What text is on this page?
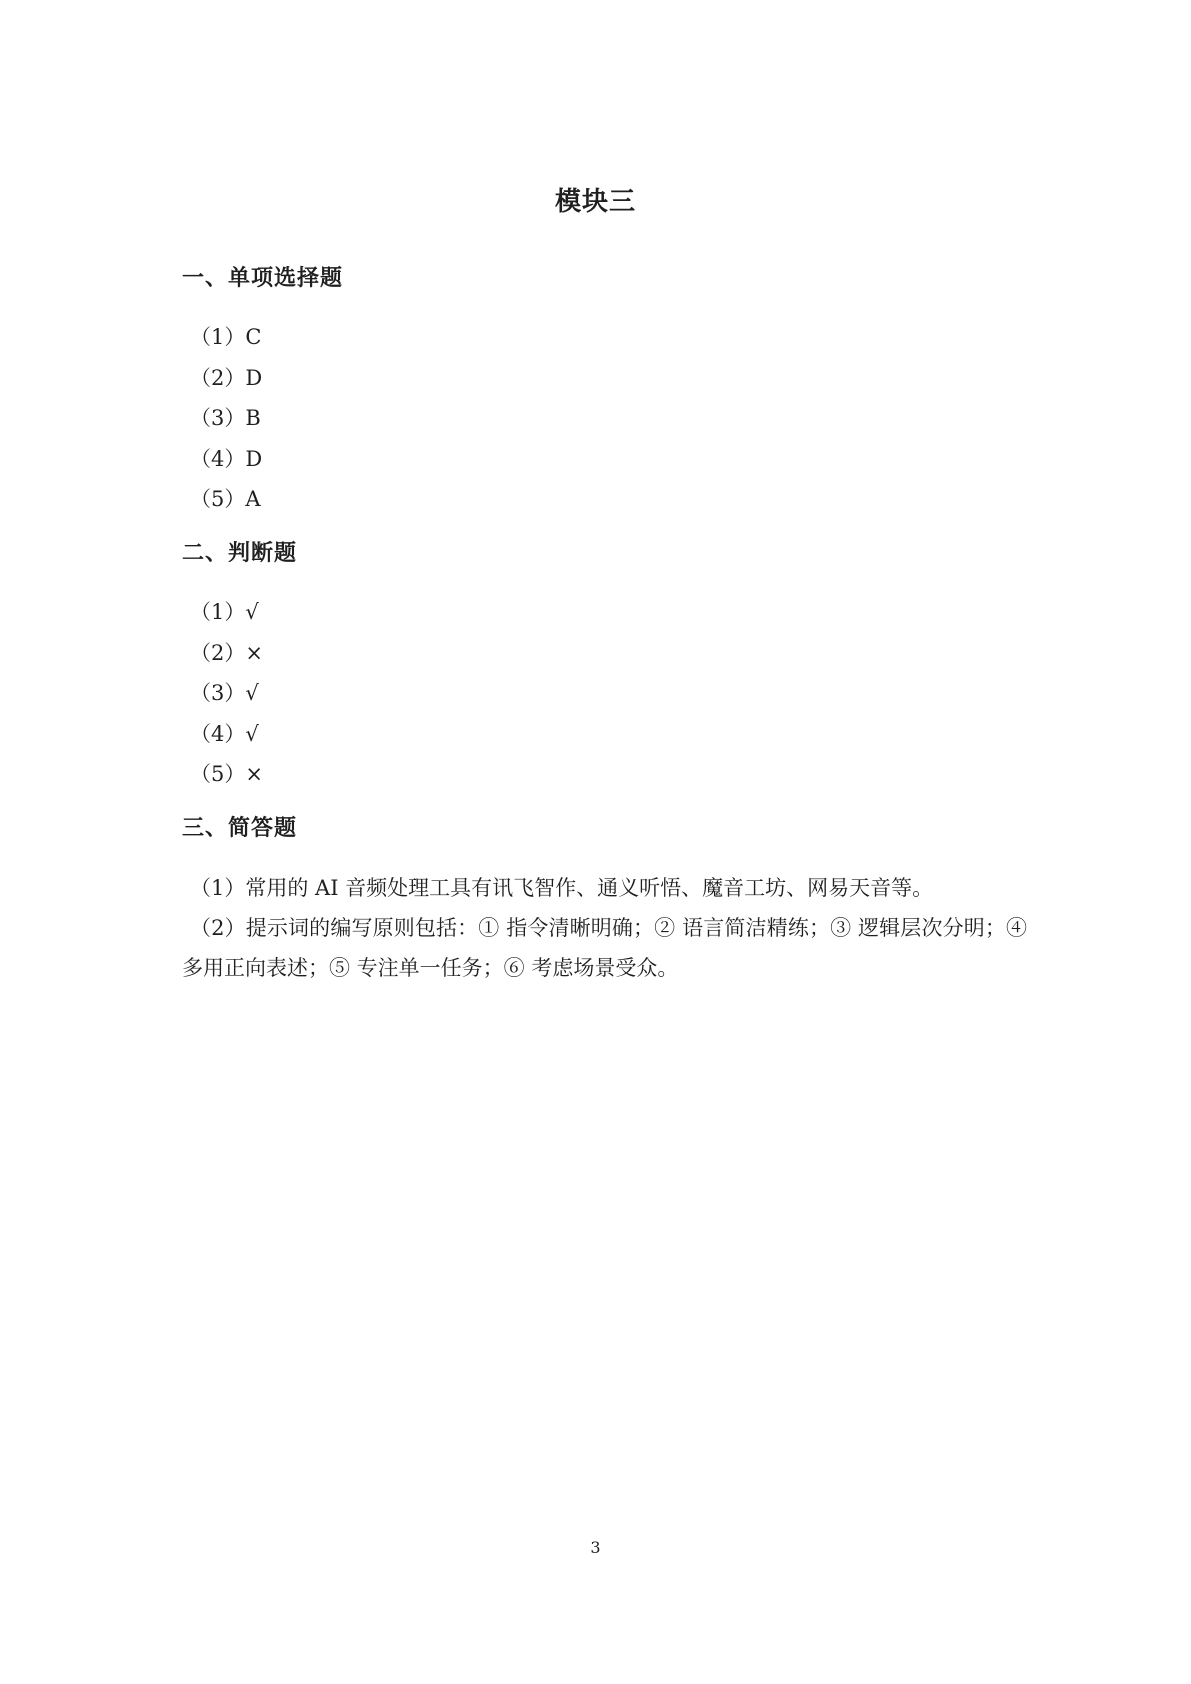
模块三
一、单项选择题
（1）C
（2）D
（3）B
（4）D
（5）A
二、判断题
（1）√
（2）×
（3）√
（4）√
（5）×
三、简答题

（1）常用的 AI 音频处理工具有讯飞智作、通义听悟、魔音工坊、网易天音等。

（2）提示词的编写原则包括：① 指令清晰明确；② 语言简洁精练；③ 逻辑层次分明；④ 多用正向表述；⑤ 专注单一任务；⑥ 考虑场景受众。

3
